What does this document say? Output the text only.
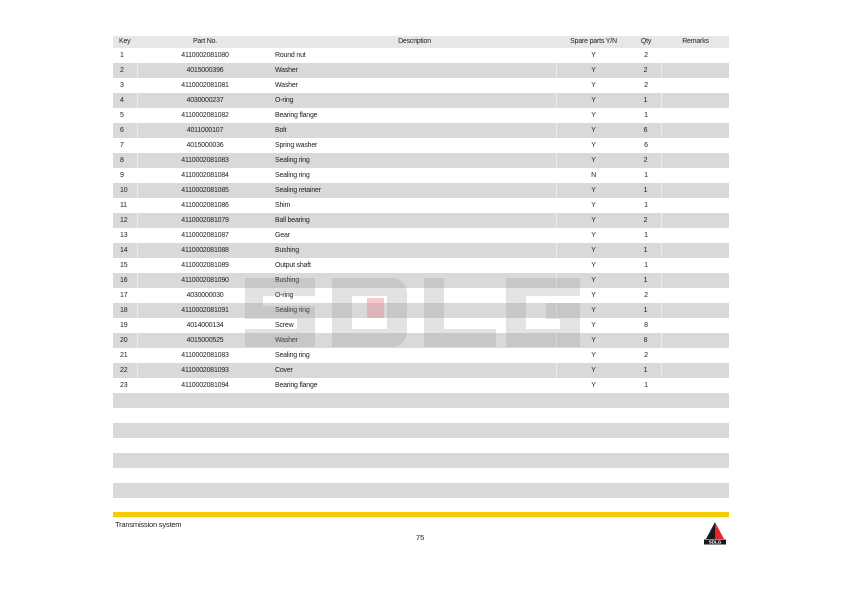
Key	Part No.	Description	Spare parts Y/N	Qty	Remarks
1	4110002081080	Round nut	Y	2
2	4015000396	Washer	Y	2
3	4110002081081	Washer	Y	2
4	4030000237	O-ring	Y	1
5	4110002081082	Bearing flange	Y	1
6	4011000107	Bolt	Y	6
7	4015000036	Spring washer	Y	6
8	4110002081083	Sealing ring	Y	2
9	4110002081084	Sealing ring	N	1
10	4110002081085	Sealing retainer	Y	1
11	4110002081086	Shim	Y	1
12	4110002081079	Ball bearing	Y	2
13	4110002081087	Gear	Y	1
14	4110002081088	Bushing	Y	1
15	4110002081089	Output shaft	Y	1
16	4110002081090	Bushing	Y	1
17	4030000030	O-ring	Y	2
18	4110002081091	Sealing ring	Y	1
19	4014000134	Screw	Y	8
20	4015000525	Washer	Y	8
21	4110002081083	Sealing ring	Y	2
22	4110002081093	Cover	Y	1
23	4110002081094	Bearing flange	Y	1
Transmission system
75
SDLG
